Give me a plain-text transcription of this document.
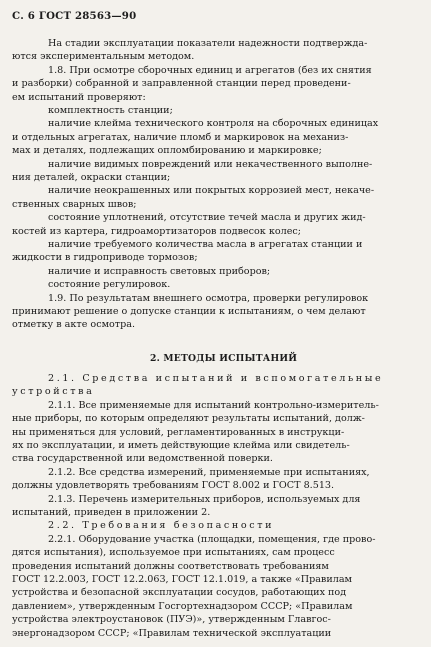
С. 6 ГОСТ 28563—90
На стадии эксплуатации показатели надежности подтвержда-
ются экспериментальным методом.
1.8. При осмотре сборочных единиц и агрегатов (без их снятия
и разборки) собранной и заправленной станции перед проведени-
ем испытаний проверяют:
комплектность станции;
наличие клейма технического контроля на сборочных единицах
и отдельных агрегатах, наличие пломб и маркировок на механиз-
мах и деталях, подлежащих опломбированию и маркировке;
наличие видимых повреждений или некачественного выполне-
ния деталей, окраски станции;
наличие неокрашенных или покрытых коррозией мест, некаче-
ственных сварных швов;
состояние уплотнений, отсутствие течей масла и других жид-
костей из картера, гидроамортизаторов подвесок колес;
наличие требуемого количества масла в агрегатах станции и
жидкости в гидроприводе тормозов;
наличие и исправность световых приборов;
состояние регулировок.
1.9. По результатам внешнего осмотра, проверки регулировок
принимают решение о допуске станции к испытаниям, о чем делают
отметку в акте осмотра.
2. МЕТОДЫ ИСПЫТАНИЙ
2.1. Средства испытаний и вспомогательные
устройства
2.1.1. Все применяемые для испытаний контрольно-измеритель-
ные приборы, по которым определяют результаты испытаний, долж-
ны применяться для условий, регламентированных в инструкци-
ях по эксплуатации, и иметь действующие клейма или свидетель-
ства государственной или ведомственной поверки.
2.1.2. Все средства измерений, применяемые при испытаниях,
должны удовлетворять требованиям ГОСТ 8.002 и ГОСТ 8.513.
2.1.3. Перечень измерительных приборов, используемых для
испытаний, приведен в приложении 2.
2.2. Требования безопасности
2.2.1. Оборудование участка (площадки, помещения, где прово-
дятся испытания), используемое при испытаниях, сам процесс
проведения испытаний должны соответствовать требованиям
ГОСТ 12.2.003, ГОСТ 12.2.063, ГОСТ 12.1.019, а также «Правилам
устройства и безопасной эксплуатации сосудов, работающих под
давлением», утвержденным Госгортехнадзором СССР; «Правилам
устройства электроустановок (ПУЭ)», утвержденным Главгос-
энергонадзором СССР; «Правилам технической эксплуатации
